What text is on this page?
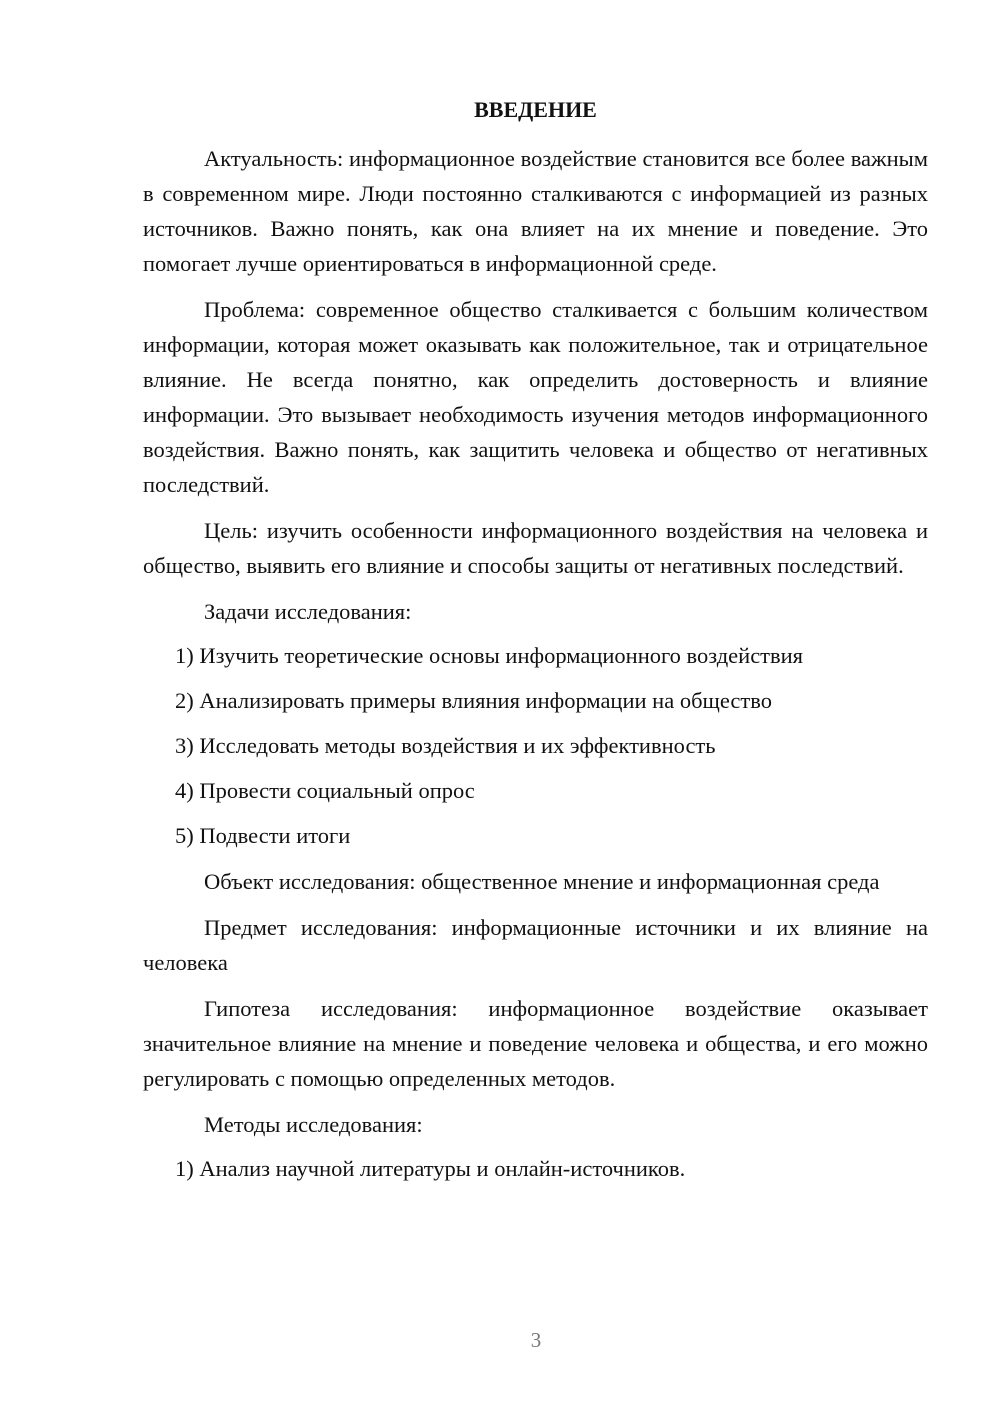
ВВЕДЕНИЕ

Актуальность: информационное воздействие становится все более важным в современном мире. Люди постоянно сталкиваются с информацией из разных источников. Важно понять, как она влияет на их мнение и поведение. Это помогает лучше ориентироваться в информационной среде.

Проблема: современное общество сталкивается с большим количеством информации, которая может оказывать как положительное, так и отрицательное влияние. Не всегда понятно, как определить достоверность и влияние информации. Это вызывает необходимость изучения методов информационного воздействия. Важно понять, как защитить человека и общество от негативных последствий.

Цель: изучить особенности информационного воздействия на человека и общество, выявить его влияние и способы защиты от негативных последствий.

Задачи исследования:

1) Изучить теоретические основы информационного воздействия
2) Анализировать примеры влияния информации на общество
3) Исследовать методы воздействия и их эффективность
4) Провести социальный опрос
5) Подвести итоги

Объект исследования: общественное мнение и информационная среда

Предмет исследования: информационные источники и их влияние на человека

Гипотеза исследования: информационное воздействие оказывает значительное влияние на мнение и поведение человека и общества, и его можно регулировать с помощью определенных методов.

Методы исследования:

1) Анализ научной литературы и онлайн-источников.
3
